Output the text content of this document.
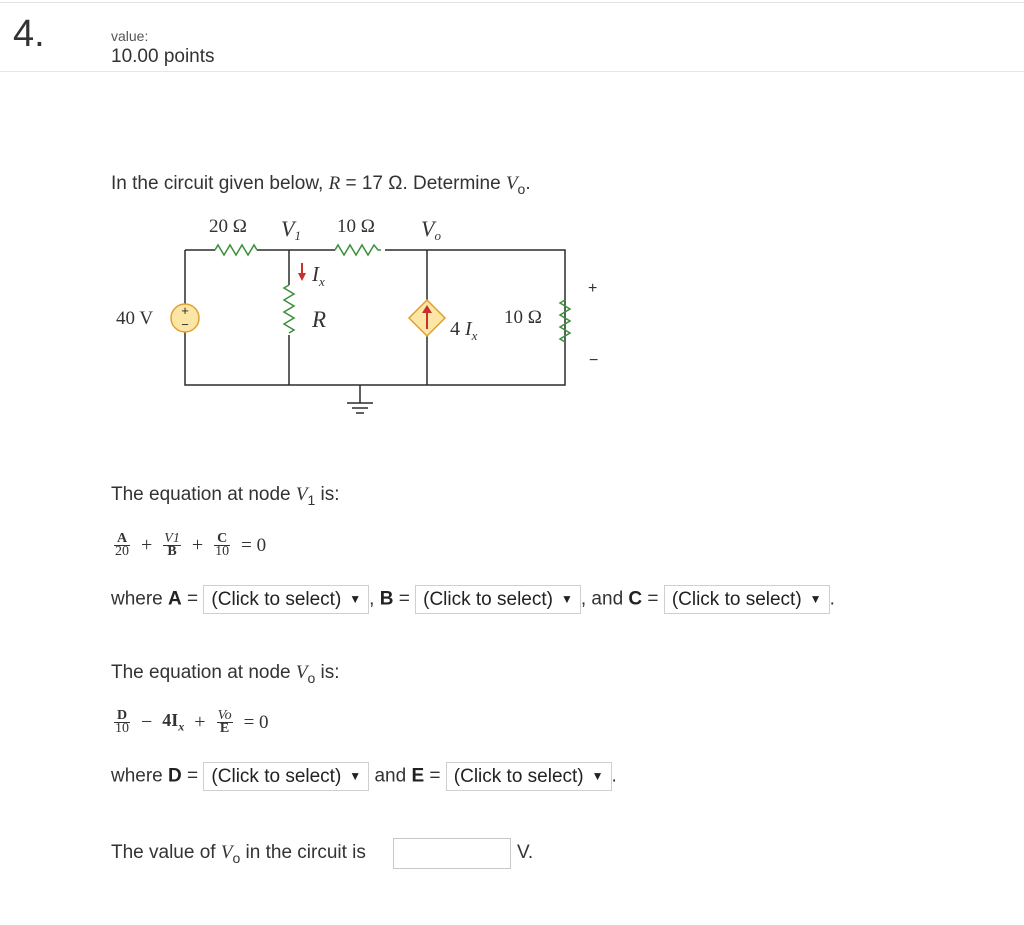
4.	value:
10.00 points
In the circuit given below, R = 17 Ω. Determine $V_o$.
+
−
20 Ω V1 10 Ω Vo
40 V
$I_x$
R	4 $I_x$
10 Ω
+
−
The equation at node $V_1$ is:
$\frac{A}{20} + \frac{V1}{B} + \frac{C}{10} = 0$
where A = (Click to select) ▼ , B = (Click to select) ▼ , and C = (Click to select) ▼ .
The equation at node $V_o$ is:
$\frac{D}{10} - 4I_x + \frac{Vo}{E} = 0$
where D = (Click to select) ▼ and E = (Click to select) ▼ .
The value of $V_o$ in the circuit is	V.
